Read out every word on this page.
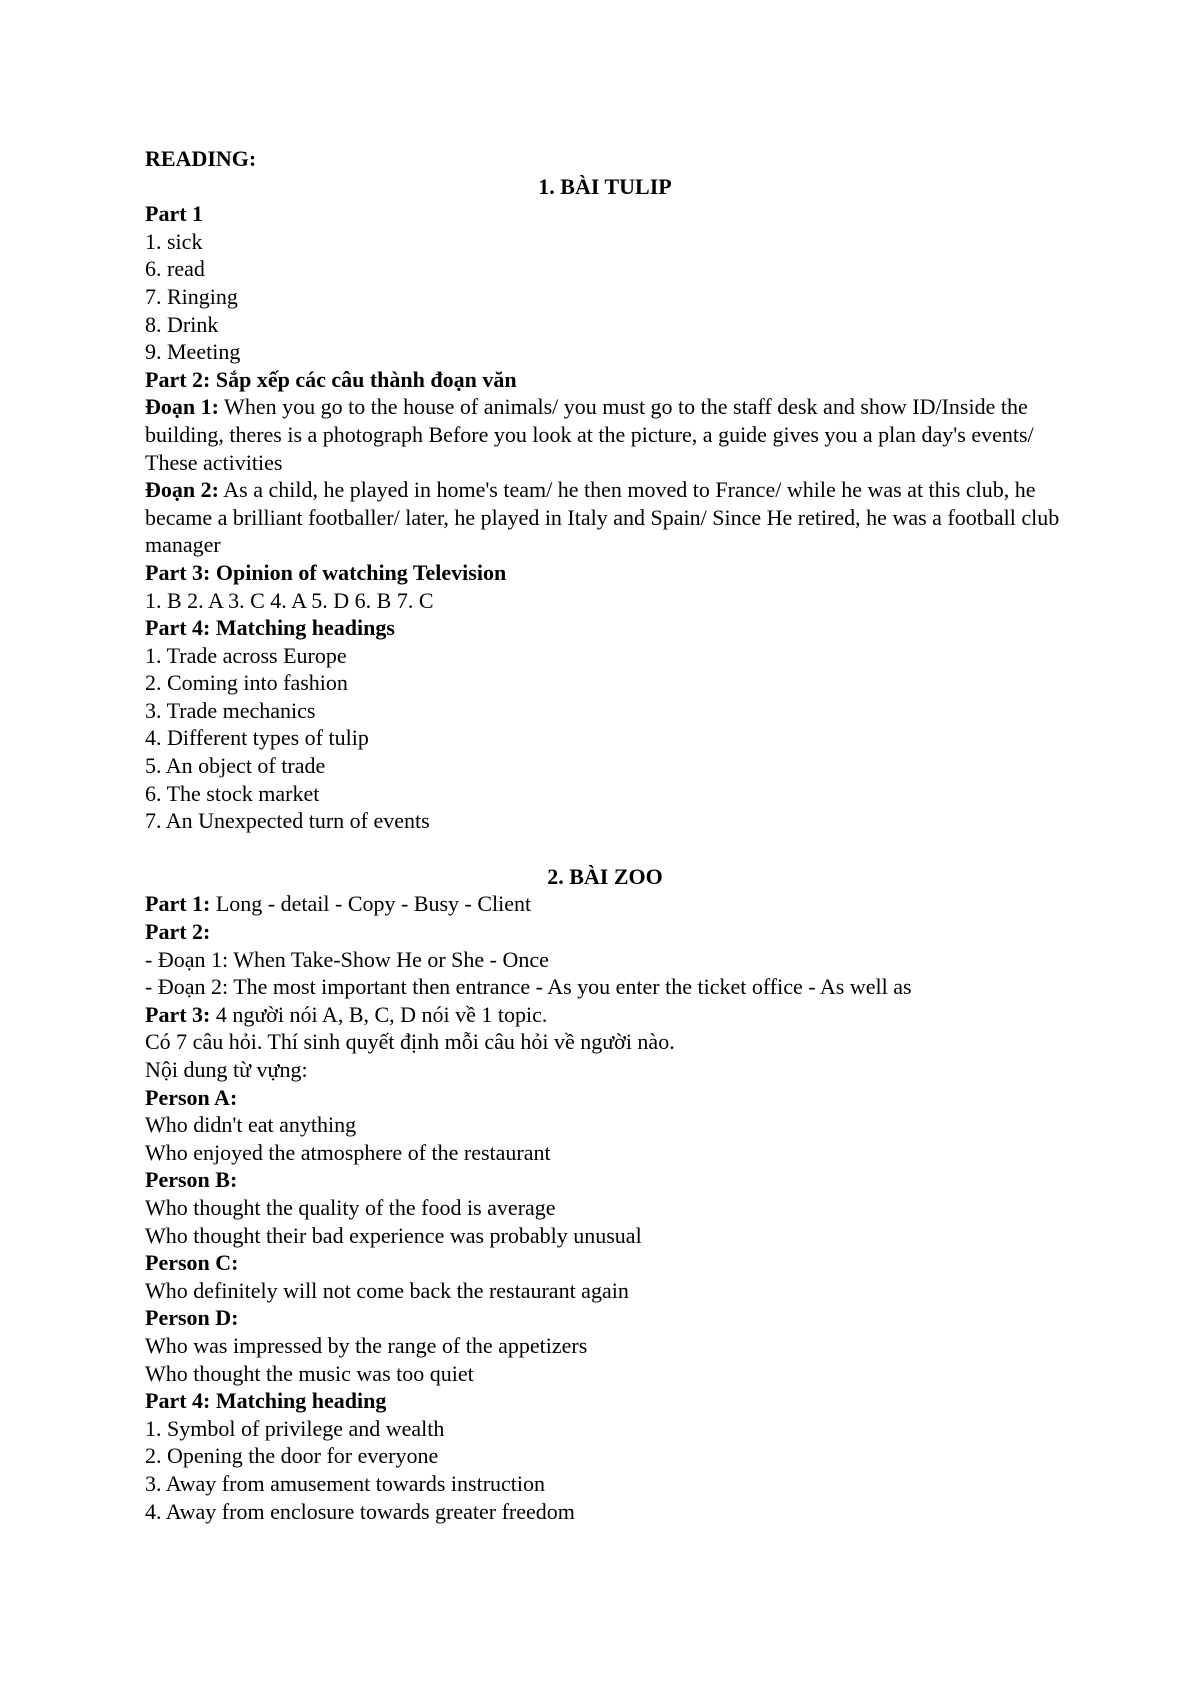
READING:
1. BÀI TULIP
Part 1
1. sick
6. read
7. Ringing
8. Drink
9. Meeting
Part 2: Sắp xếp các câu thành đoạn văn
Đoạn 1: When you go to the house of animals/ you must go to the staff desk and show ID/Inside the building, theres is a photograph Before you look at the picture, a guide gives you a plan day's events/ These activities
Đoạn 2: As a child, he played in home's team/ he then moved to France/ while he was at this club, he became a brilliant footballer/ later, he played in Italy and Spain/ Since He retired, he was a football club manager
Part 3: Opinion of watching Television
1. B 2. A 3. C 4. A 5. D 6. B 7. C
Part 4: Matching headings
1. Trade across Europe
2. Coming into fashion
3. Trade mechanics
4. Different types of tulip
5. An object of trade
6. The stock market
7. An Unexpected turn of events
2. BÀI ZOO
Part 1: Long - detail - Copy - Busy - Client
Part 2:
- Đoạn 1: When Take-Show He or She - Once
- Đoạn 2: The most important then entrance - As you enter the ticket office - As well as
Part 3: 4 người nói A, B, C, D nói về 1 topic.
Có 7 câu hỏi. Thí sinh quyết định mỗi câu hỏi về người nào.
Nội dung từ vựng:
Person A:
Who didn't eat anything
Who enjoyed the atmosphere of the restaurant
Person B:
Who thought the quality of the food is average
Who thought their bad experience was probably unusual
Person C:
Who definitely will not come back the restaurant again
Person D:
Who was impressed by the range of the appetizers
Who thought the music was too quiet
Part 4: Matching heading
1. Symbol of privilege and wealth
2. Opening the door for everyone
3. Away from amusement towards instruction
4. Away from enclosure towards greater freedom
